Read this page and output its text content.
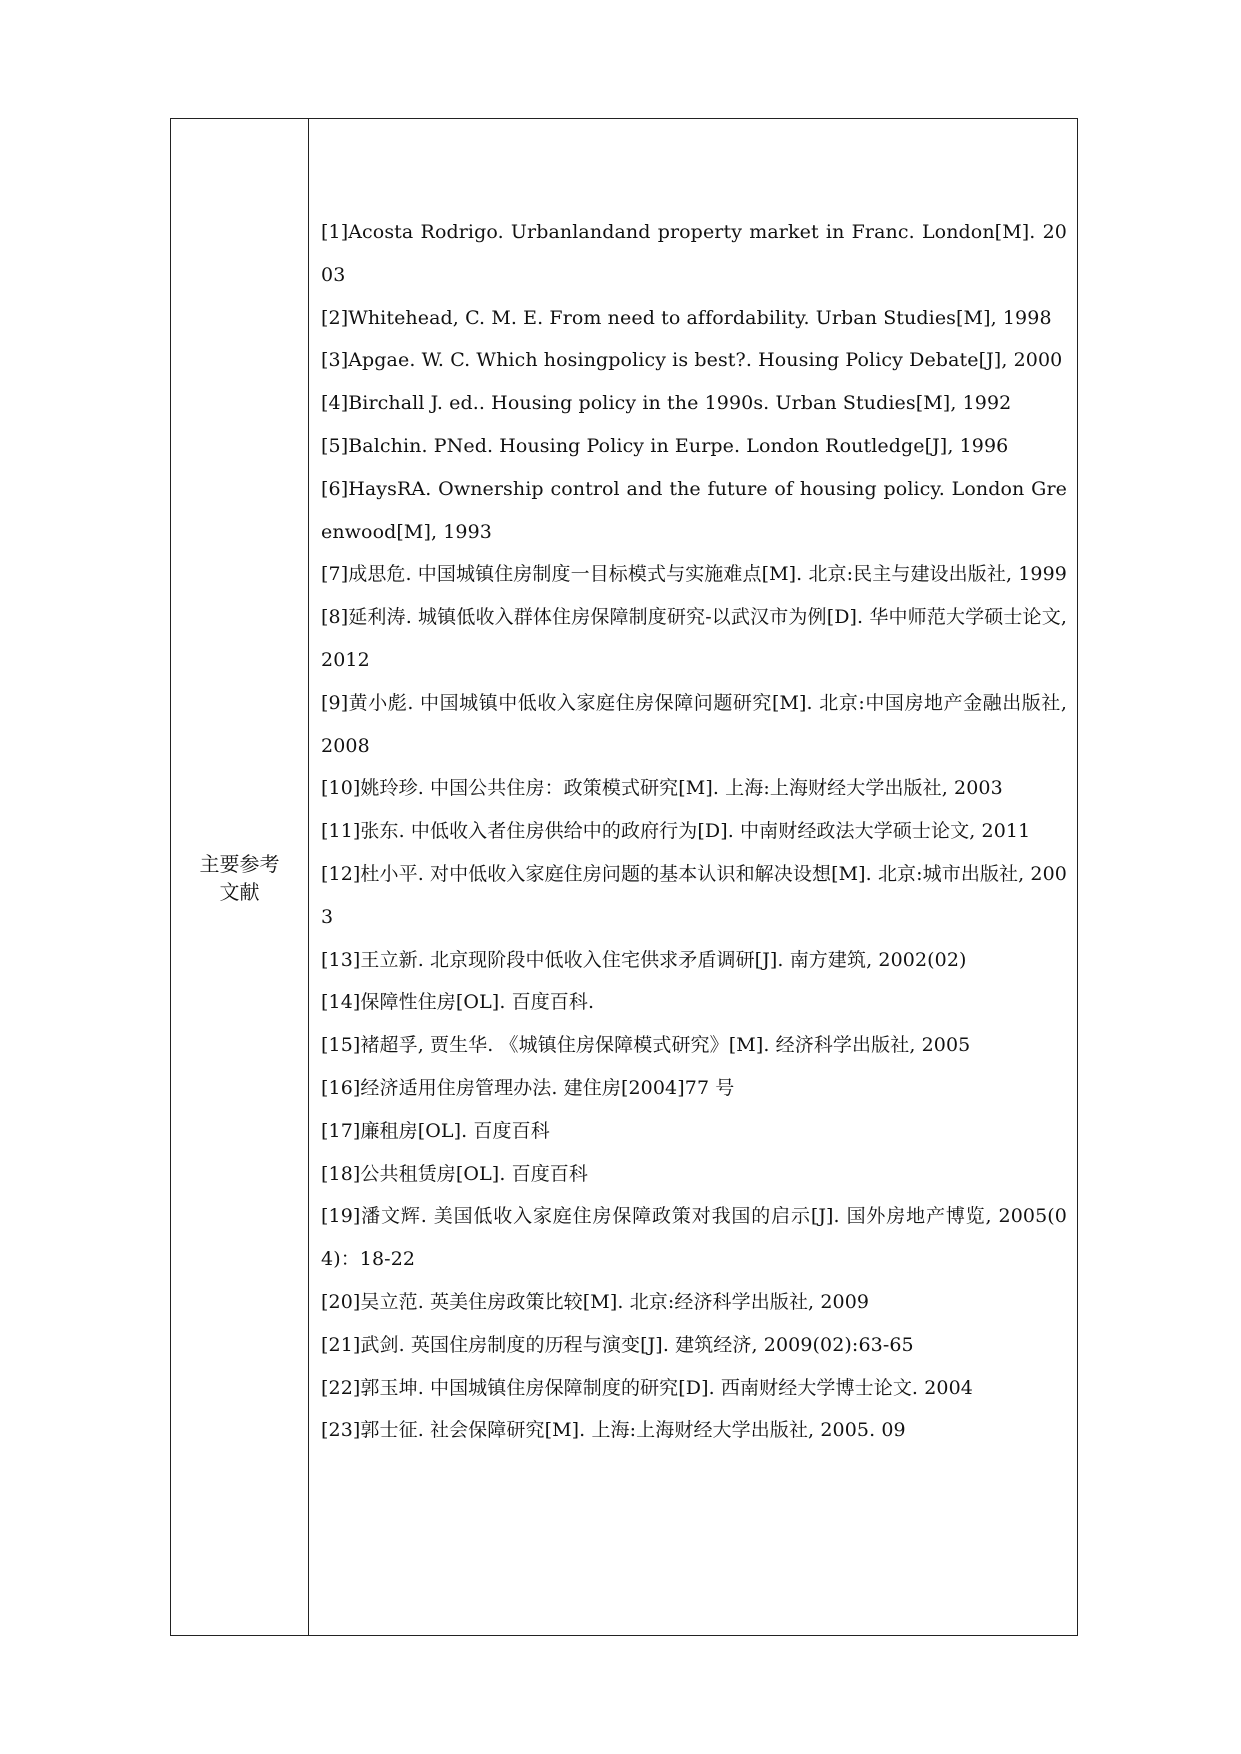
主要参考
文献
[1]Acosta Rodrigo. Urbanlandand property market in Franc. London[M]. 2003
[2]Whitehead, C. M. E. From need to affordability. Urban Studies[M], 1998
[3]Apgae. W. C. Which hosingpolicy is best?. Housing Policy Debate[J], 2000
[4]Birchall J. ed.. Housing policy in the 1990s. Urban Studies[M], 1992
[5]Balchin. PNed. Housing Policy in Eurpe. London Routledge[J], 1996
[6]HaysRA. Ownership control and the future of housing policy. London Greenwood[M], 1993
[7]成思危. 中国城镇住房制度一目标模式与实施难点[M]. 北京:民主与建设出版社, 1999
[8]延利涛. 城镇低收入群体住房保障制度研究-以武汉市为例[D]. 华中师范大学硕士论文, 2012
[9]黄小彪. 中国城镇中低收入家庭住房保障问题研究[M]. 北京:中国房地产金融出版社, 2008
[10]姚玲珍. 中国公共住房：政策模式研究[M]. 上海:上海财经大学出版社, 2003
[11]张东. 中低收入者住房供给中的政府行为[D]. 中南财经政法大学硕士论文, 2011
[12]杜小平. 对中低收入家庭住房问题的基本认识和解决设想[M]. 北京:城市出版社, 2003
[13]王立新. 北京现阶段中低收入住宅供求矛盾调研[J]. 南方建筑, 2002(02)
[14]保障性住房[OL]. 百度百科.
[15]褚超孚, 贾生华. 《城镇住房保障模式研究》[M]. 经济科学出版社, 2005
[16]经济适用住房管理办法. 建住房[2004]77 号
[17]廉租房[OL]. 百度百科
[18]公共租赁房[OL]. 百度百科
[19]潘文辉. 美国低收入家庭住房保障政策对我国的启示[J]. 国外房地产博览, 2005(04)：18-22
[20]吴立范. 英美住房政策比较[M]. 北京:经济科学出版社, 2009
[21]武剑. 英国住房制度的历程与演变[J]. 建筑经济, 2009(02):63-65
[22]郭玉坤. 中国城镇住房保障制度的研究[D]. 西南财经大学博士论文. 2004
[23]郭士征. 社会保障研究[M]. 上海:上海财经大学出版社, 2005. 09
